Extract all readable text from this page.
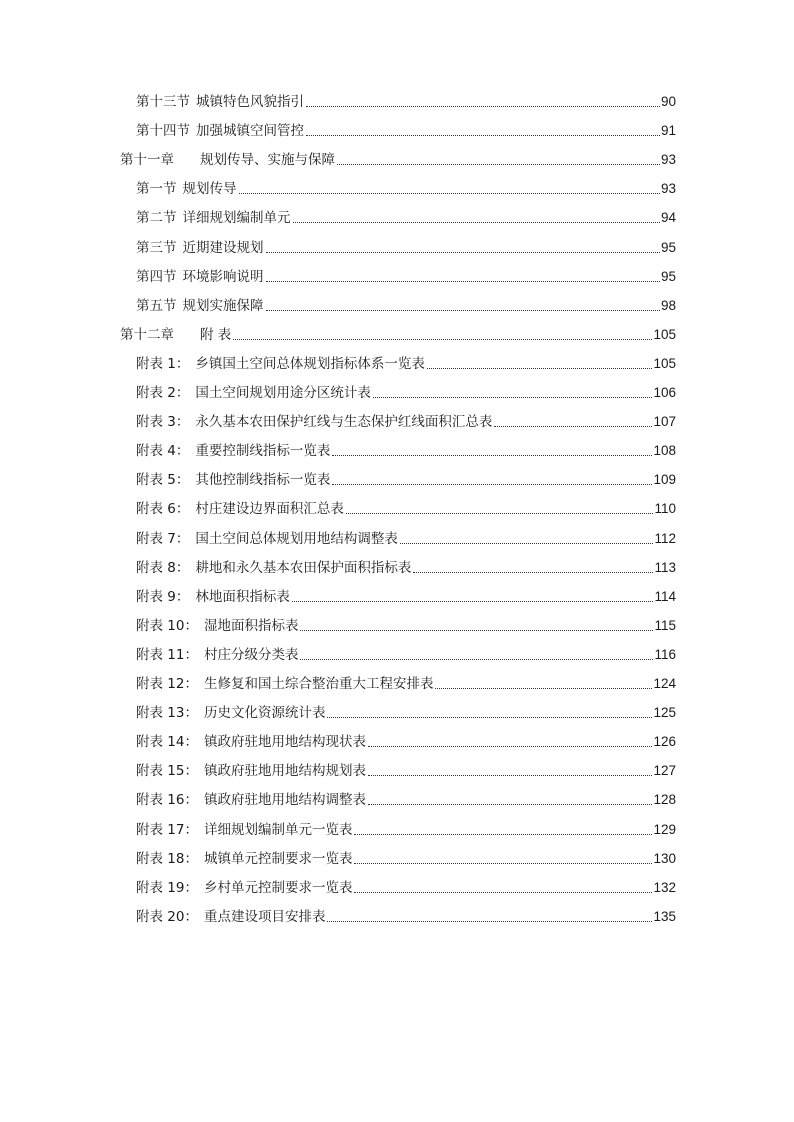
第十三节 城镇特色风貌指引	90
第十四节 加强城镇空间管控	91
第十一章 规划传导、实施与保障	93
第一节 规划传导	93
第二节 详细规划编制单元	94
第三节 近期建设规划	95
第四节 环境影响说明	95
第五节 规划实施保障	98
第十二章 附 表	105
附表 1： 乡镇国土空间总体规划指标体系一览表	105
附表 2： 国土空间规划用途分区统计表	106
附表 3： 永久基本农田保护红线与生态保护红线面积汇总表	107
附表 4： 重要控制线指标一览表	108
附表 5： 其他控制线指标一览表	109
附表 6： 村庄建设边界面积汇总表	110
附表 7： 国土空间总体规划用地结构调整表	112
附表 8： 耕地和永久基本农田保护面积指标表	113
附表 9： 林地面积指标表	114
附表 10： 湿地面积指标表	115
附表 11： 村庄分级分类表	116
附表 12： 生修复和国土综合整治重大工程安排表	124
附表 13： 历史文化资源统计表	125
附表 14： 镇政府驻地用地结构现状表	126
附表 15： 镇政府驻地用地结构规划表	127
附表 16： 镇政府驻地用地结构调整表	128
附表 17： 详细规划编制单元一览表	129
附表 18： 城镇单元控制要求一览表	130
附表 19： 乡村单元控制要求一览表	132
附表 20： 重点建设项目安排表	135
